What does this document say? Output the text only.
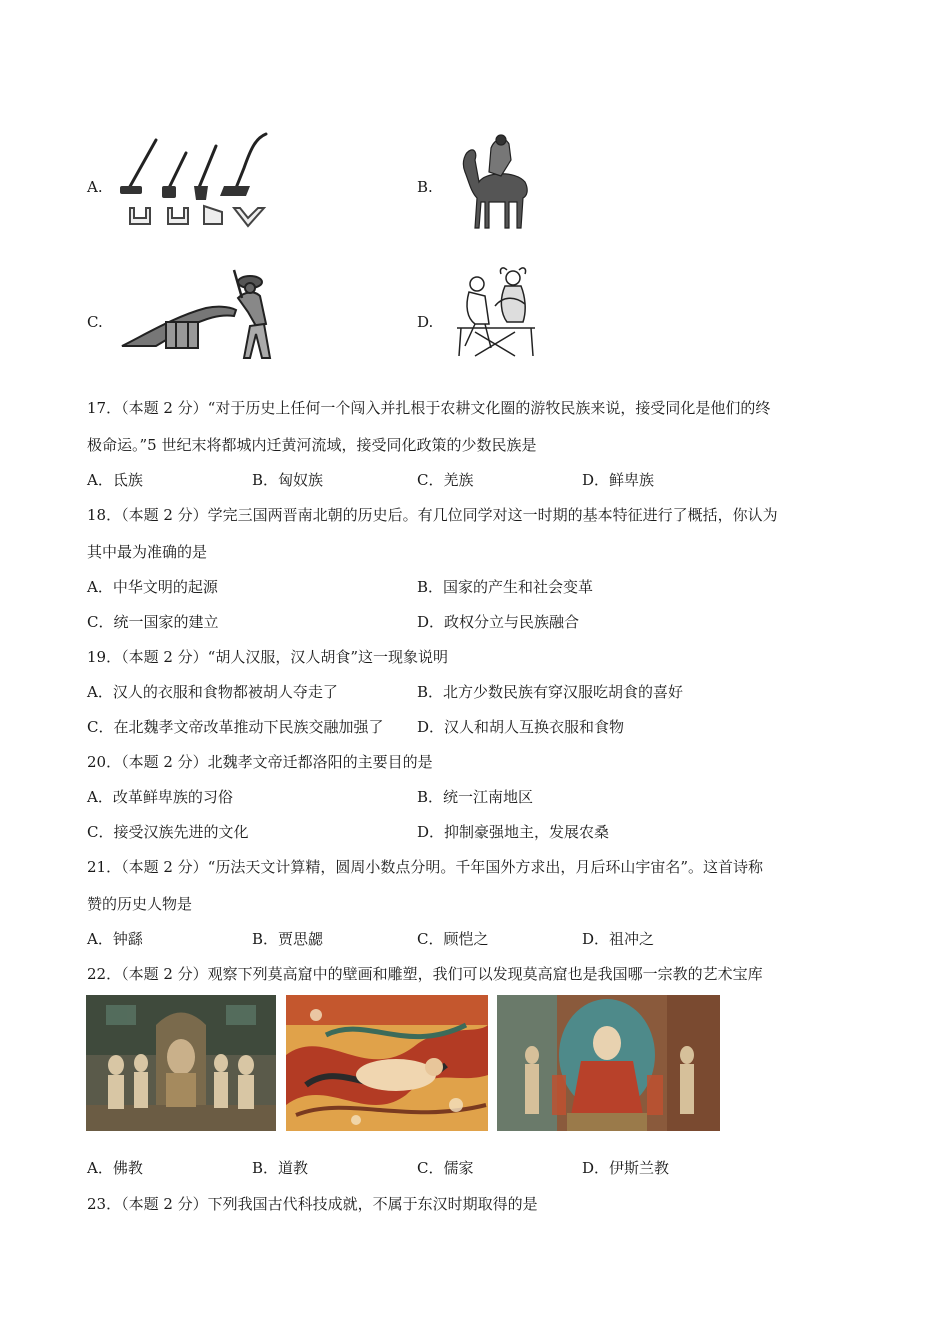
A.	B.
C.	D.
17．（本题 2 分）“对于历史上任何一个闯入并扎根于农耕文化圈的游牧民族来说，接受同化是他们的终
极命运。”5 世纪末将都城内迁黄河流域，接受同化政策的少数民族是
A．氐族	B．匈奴族	C．羌族	D．鲜卑族
18．（本题 2 分）学完三国两晋南北朝的历史后。有几位同学对这一时期的基本特征进行了概括，你认为
其中最为准确的是
A．中华文明的起源	B．国家的产生和社会变革
C．统一国家的建立	D．政权分立与民族融合
19．（本题 2 分）“胡人汉服，汉人胡食”这一现象说明
A．汉人的衣服和食物都被胡人夺走了	B．北方少数民族有穿汉服吃胡食的喜好
C．在北魏孝文帝改革推动下民族交融加强了 D．汉人和胡人互换衣服和食物
20．（本题 2 分）北魏孝文帝迁都洛阳的主要目的是
A．改革鲜卑族的习俗	B．统一江南地区
C．接受汉族先进的文化	D．抑制豪强地主，发展农桑
21．（本题 2 分）“历法天文计算精，圆周小数点分明。千年国外方求出，月后环山宇宙名”。这首诗称
赞的历史人物是
A．钟繇	B．贾思勰	C．顾恺之	D．祖冲之
22．（本题 2 分）观察下列莫高窟中的壁画和雕塑，我们可以发现莫高窟也是我国哪一宗教的艺术宝库
A．佛教	B．道教	C．儒家	D．伊斯兰教
23．（本题 2 分）下列我国古代科技成就，不属于东汉时期取得的是
